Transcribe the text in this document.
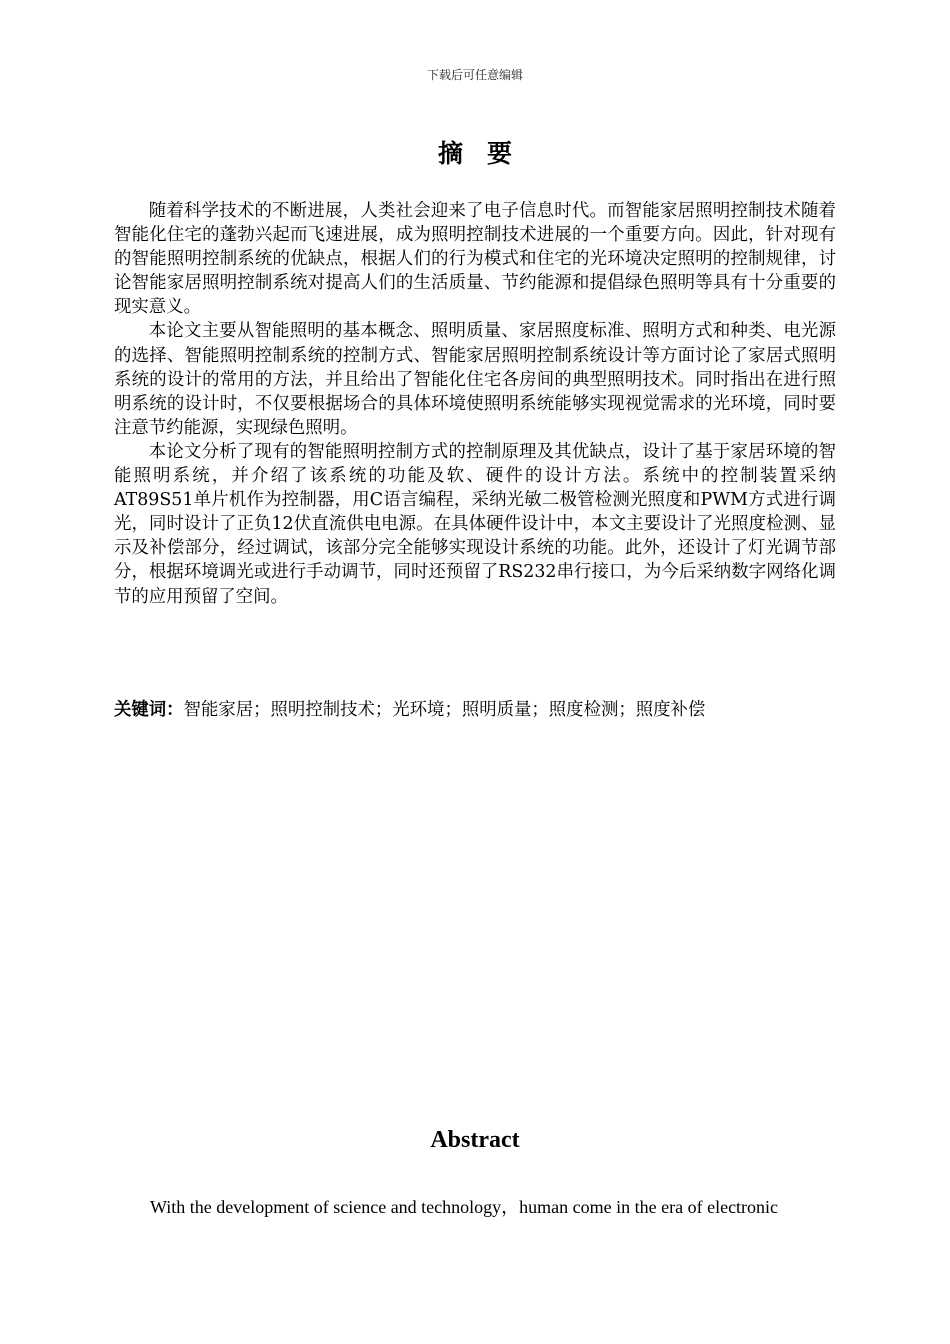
下载后可任意编辑
摘要

随着科学技术的不断进展，人类社会迎来了电子信息时代。而智能家居照明控制技术随着智能化住宅的蓬勃兴起而飞速进展，成为照明控制技术进展的一个重要方向。因此，针对现有的智能照明控制系统的优缺点，根据人们的行为模式和住宅的光环境决定照明的控制规律，讨论智能家居照明控制系统对提高人们的生活质量、节约能源和提倡绿色照明等具有十分重要的现实意义。

本论文主要从智能照明的基本概念、照明质量、家居照度标准、照明方式和种类、电光源的选择、智能照明控制系统的控制方式、智能家居照明控制系统设计等方面讨论了家居式照明系统的设计的常用的方法，并且给出了智能化住宅各房间的典型照明技术。同时指出在进行照明系统的设计时，不仅要根据场合的具体环境使照明系统能够实现视觉需求的光环境，同时要注意节约能源，实现绿色照明。

本论文分析了现有的智能照明控制方式的控制原理及其优缺点，设计了基于家居环境的智能照明系统，并介绍了该系统的功能及软、硬件的设计方法。系统中的控制装置采纳AT89S51单片机作为控制器，用C语言编程，采纳光敏二极管检测光照度和PWM方式进行调光，同时设计了正负12伏直流供电电源。在具体硬件设计中，本文主要设计了光照度检测、显示及补偿部分，经过调试，该部分完全能够实现设计系统的功能。此外，还设计了灯光调节部分，根据环境调光或进行手动调节，同时还预留了RS232串行接口，为今后采纳数字网络化调节的应用预留了空间。

关键词：智能家居；照明控制技术；光环境；照明质量；照度检测；照度补偿
Abstract

With the development of science and technology，human come in the era of electronic
